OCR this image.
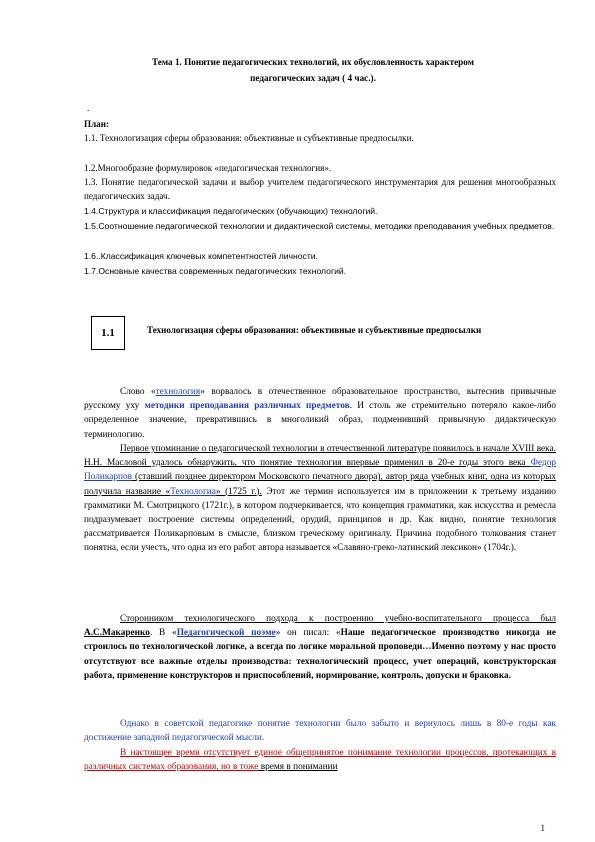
Тема 1. Понятие педагогических технологий, их обусловленность характером
педагогических задач ( 4 час.).
.
План:
1.1. Технологизация сферы образования: объективные и субъективные предпосылки.
1.2.Многообразие формулировок «педагогическая технология».
1.3. Понятие педагогической задачи и выбор учителем педагогического инструментария для решения многообразных педагогических задач.
1.4.Структура и классификация педагогических (обучающих) технологий.
1.5.Соотношение педагогической технологии и дидактической системы, методики преподавания учебных предметов.
1.6..Классификация ключевых компетентностей личности.
1.7.Основные качества современных педагогических технологий.
1.1	Технологизация сферы образования: объективные и субъективные предпосылки
Слово «технология» ворвалось в отечественное образовательное пространство, вытеснив привычные русскому уху методики преподавания различных предметов. И столь же стремительно потеряло какое-либо определенное значение, превратившись в многоликий образ, подменивший привычную дидактическую терминологию.
Первое упоминание о педагогической технологии в отечественной литературе появилось в начале XVIII века. Н.Н. Масловой удалось обнаружить, что понятие технология впервые применил в 20-е годы этого века Федор Поликарпов (ставший позднее директором Московского печатного двора), автор ряда учебных книг, одна из которых получила название «Технологиа» (1725 г.). Этот же термин используется им в приложении к третьему изданию грамматики М. Смотрицкого (1721г.), в котором подчеркивается, что концепция грамматики, как искусства и ремесла подразумевает построение системы определений, орудий, принципов и др. Как видно, понятие технология рассматривается Поликарповым в смысле, близком греческому оригиналу. Причина подобного толкования станет понятна, если учесть, что одна из его работ автора называется «Славяно-греко-латинский лексикон» (1704г.).
Сторонником технологического подхода к построению учебно-воспитательного процесса был А.С.Макаренко. В «Педагогической поэме» он писал: «Наше педагогическое производство никогда не строилось по технологической логике, а всегда по логике моральной проповеди…Именно поэтому у нас просто отсутствуют все важные отделы производства: технологический процесс, учет операций, конструкторская работа, применение конструкторов и приспособлений, нормирование, контроль, допуски и браковка.
Однако в советской педагогике понятие технологии было забыто и вернулось лишь в 80-е годы как достижение западной педагогической мысли.
В настоящее время отсутствует единое общепринятое понимание технологии процессов, протекающих в различных системах образования, но в тоже время в понимании
1
